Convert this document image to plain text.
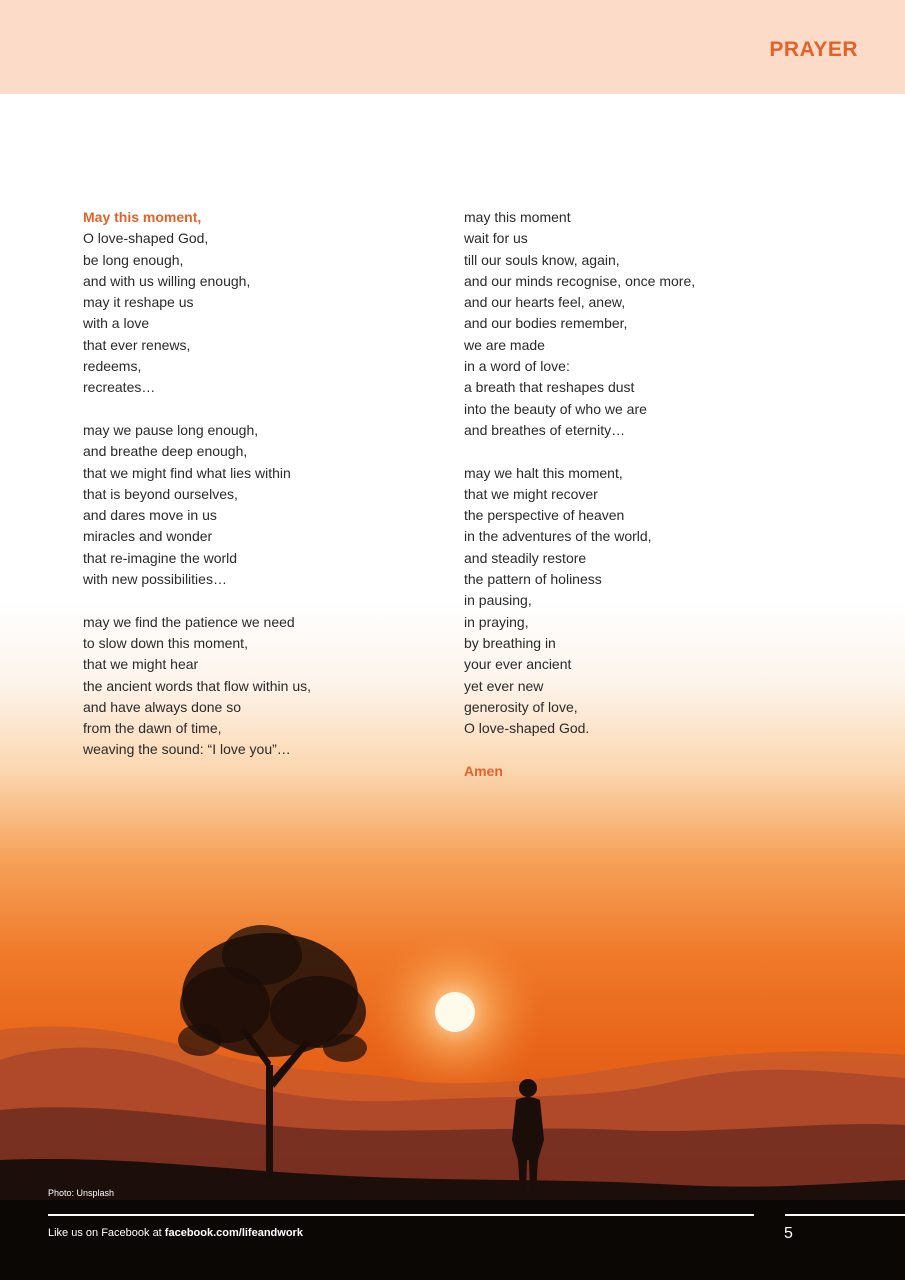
PRAYER
May this moment,
O love-shaped God,
be long enough,
and with us willing enough,
may it reshape us
with a love
that ever renews,
redeems,
recreates…
may we pause long enough,
and breathe deep enough,
that we might find what lies within
that is beyond ourselves,
and dares move in us
miracles and wonder
that re-imagine the world
with new possibilities…
may we find the patience we need
to slow down this moment,
that we might hear
the ancient words that flow within us,
and have always done so
from the dawn of time,
weaving the sound: “I love you”…
may this moment
wait for us
till our souls know, again,
and our minds recognise, once more,
and our hearts feel, anew,
and our bodies remember,
we are made
in a word of love:
a breath that reshapes dust
into the beauty of who we are
and breathes of eternity…
may we halt this moment,
that we might recover
the perspective of heaven
in the adventures of the world,
and steadily restore
the pattern of holiness
in pausing,
in praying,
by breathing in
your ever ancient
yet ever new
generosity of love,
O love-shaped God.
Amen
Photo: Unsplash
Like us on Facebook at facebook.com/lifeandwork	5
